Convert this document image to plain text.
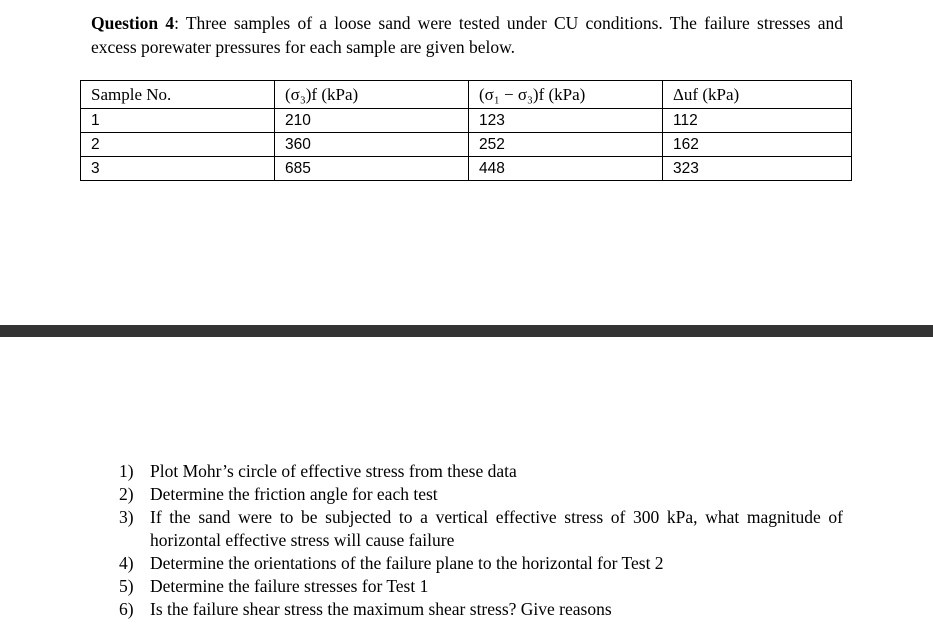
Question 4: Three samples of a loose sand were tested under CU conditions. The failure stresses and excess porewater pressures for each sample are given below.
Sample No.	(σ₃)f (kPa)	(σ₁ − σ₃)f (kPa)	Δuf (kPa)
1	210	123	112
2	360	252	162
3	685	448	323
1) Plot Mohr’s circle of effective stress from these data
2) Determine the friction angle for each test
3) If the sand were to be subjected to a vertical effective stress of 300 kPa, what magnitude of horizontal effective stress will cause failure
4) Determine the orientations of the failure plane to the horizontal for Test 2
5) Determine the failure stresses for Test 1
6) Is the failure shear stress the maximum shear stress? Give reasons
